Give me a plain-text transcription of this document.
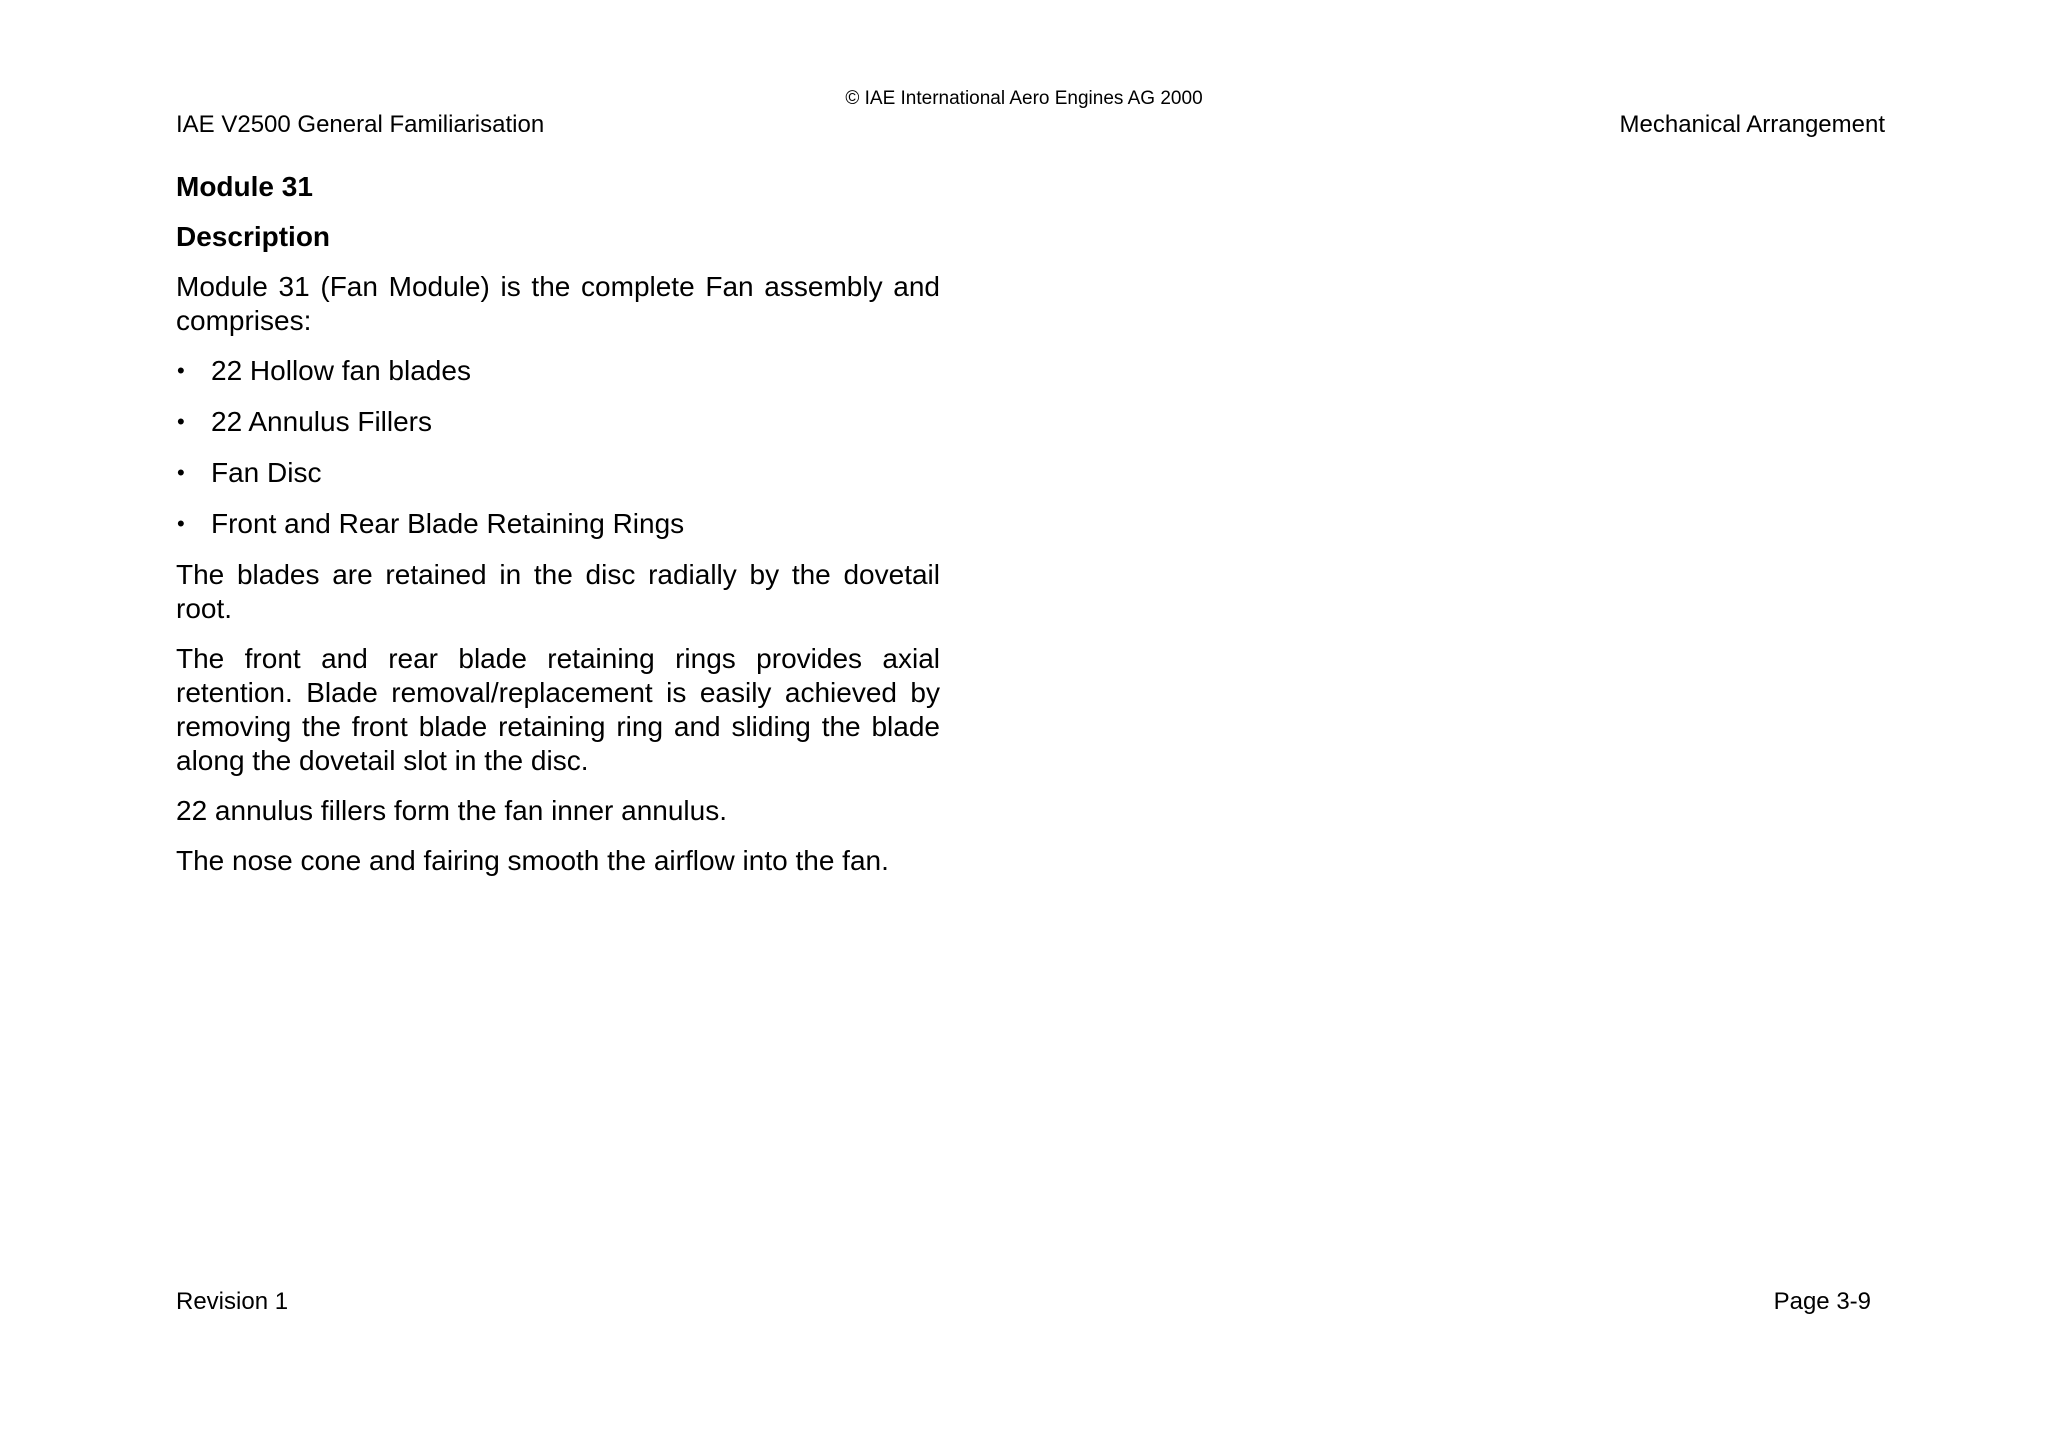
© IAE International Aero Engines AG 2000
IAE V2500 General Familiarisation	Mechanical Arrangement
Module 31
Description
Module 31 (Fan Module) is the complete Fan assembly and comprises:
• 22 Hollow fan blades
• 22 Annulus Fillers
• Fan Disc
• Front and Rear Blade Retaining Rings
The blades are retained in the disc radially by the dovetail root.
The front and rear blade retaining rings provides axial retention. Blade removal/replacement is easily achieved by removing the front blade retaining ring and sliding the blade along the dovetail slot in the disc.
22 annulus fillers form the fan inner annulus.
The nose cone and fairing smooth the airflow into the fan.
Revision 1	Page 3-9
